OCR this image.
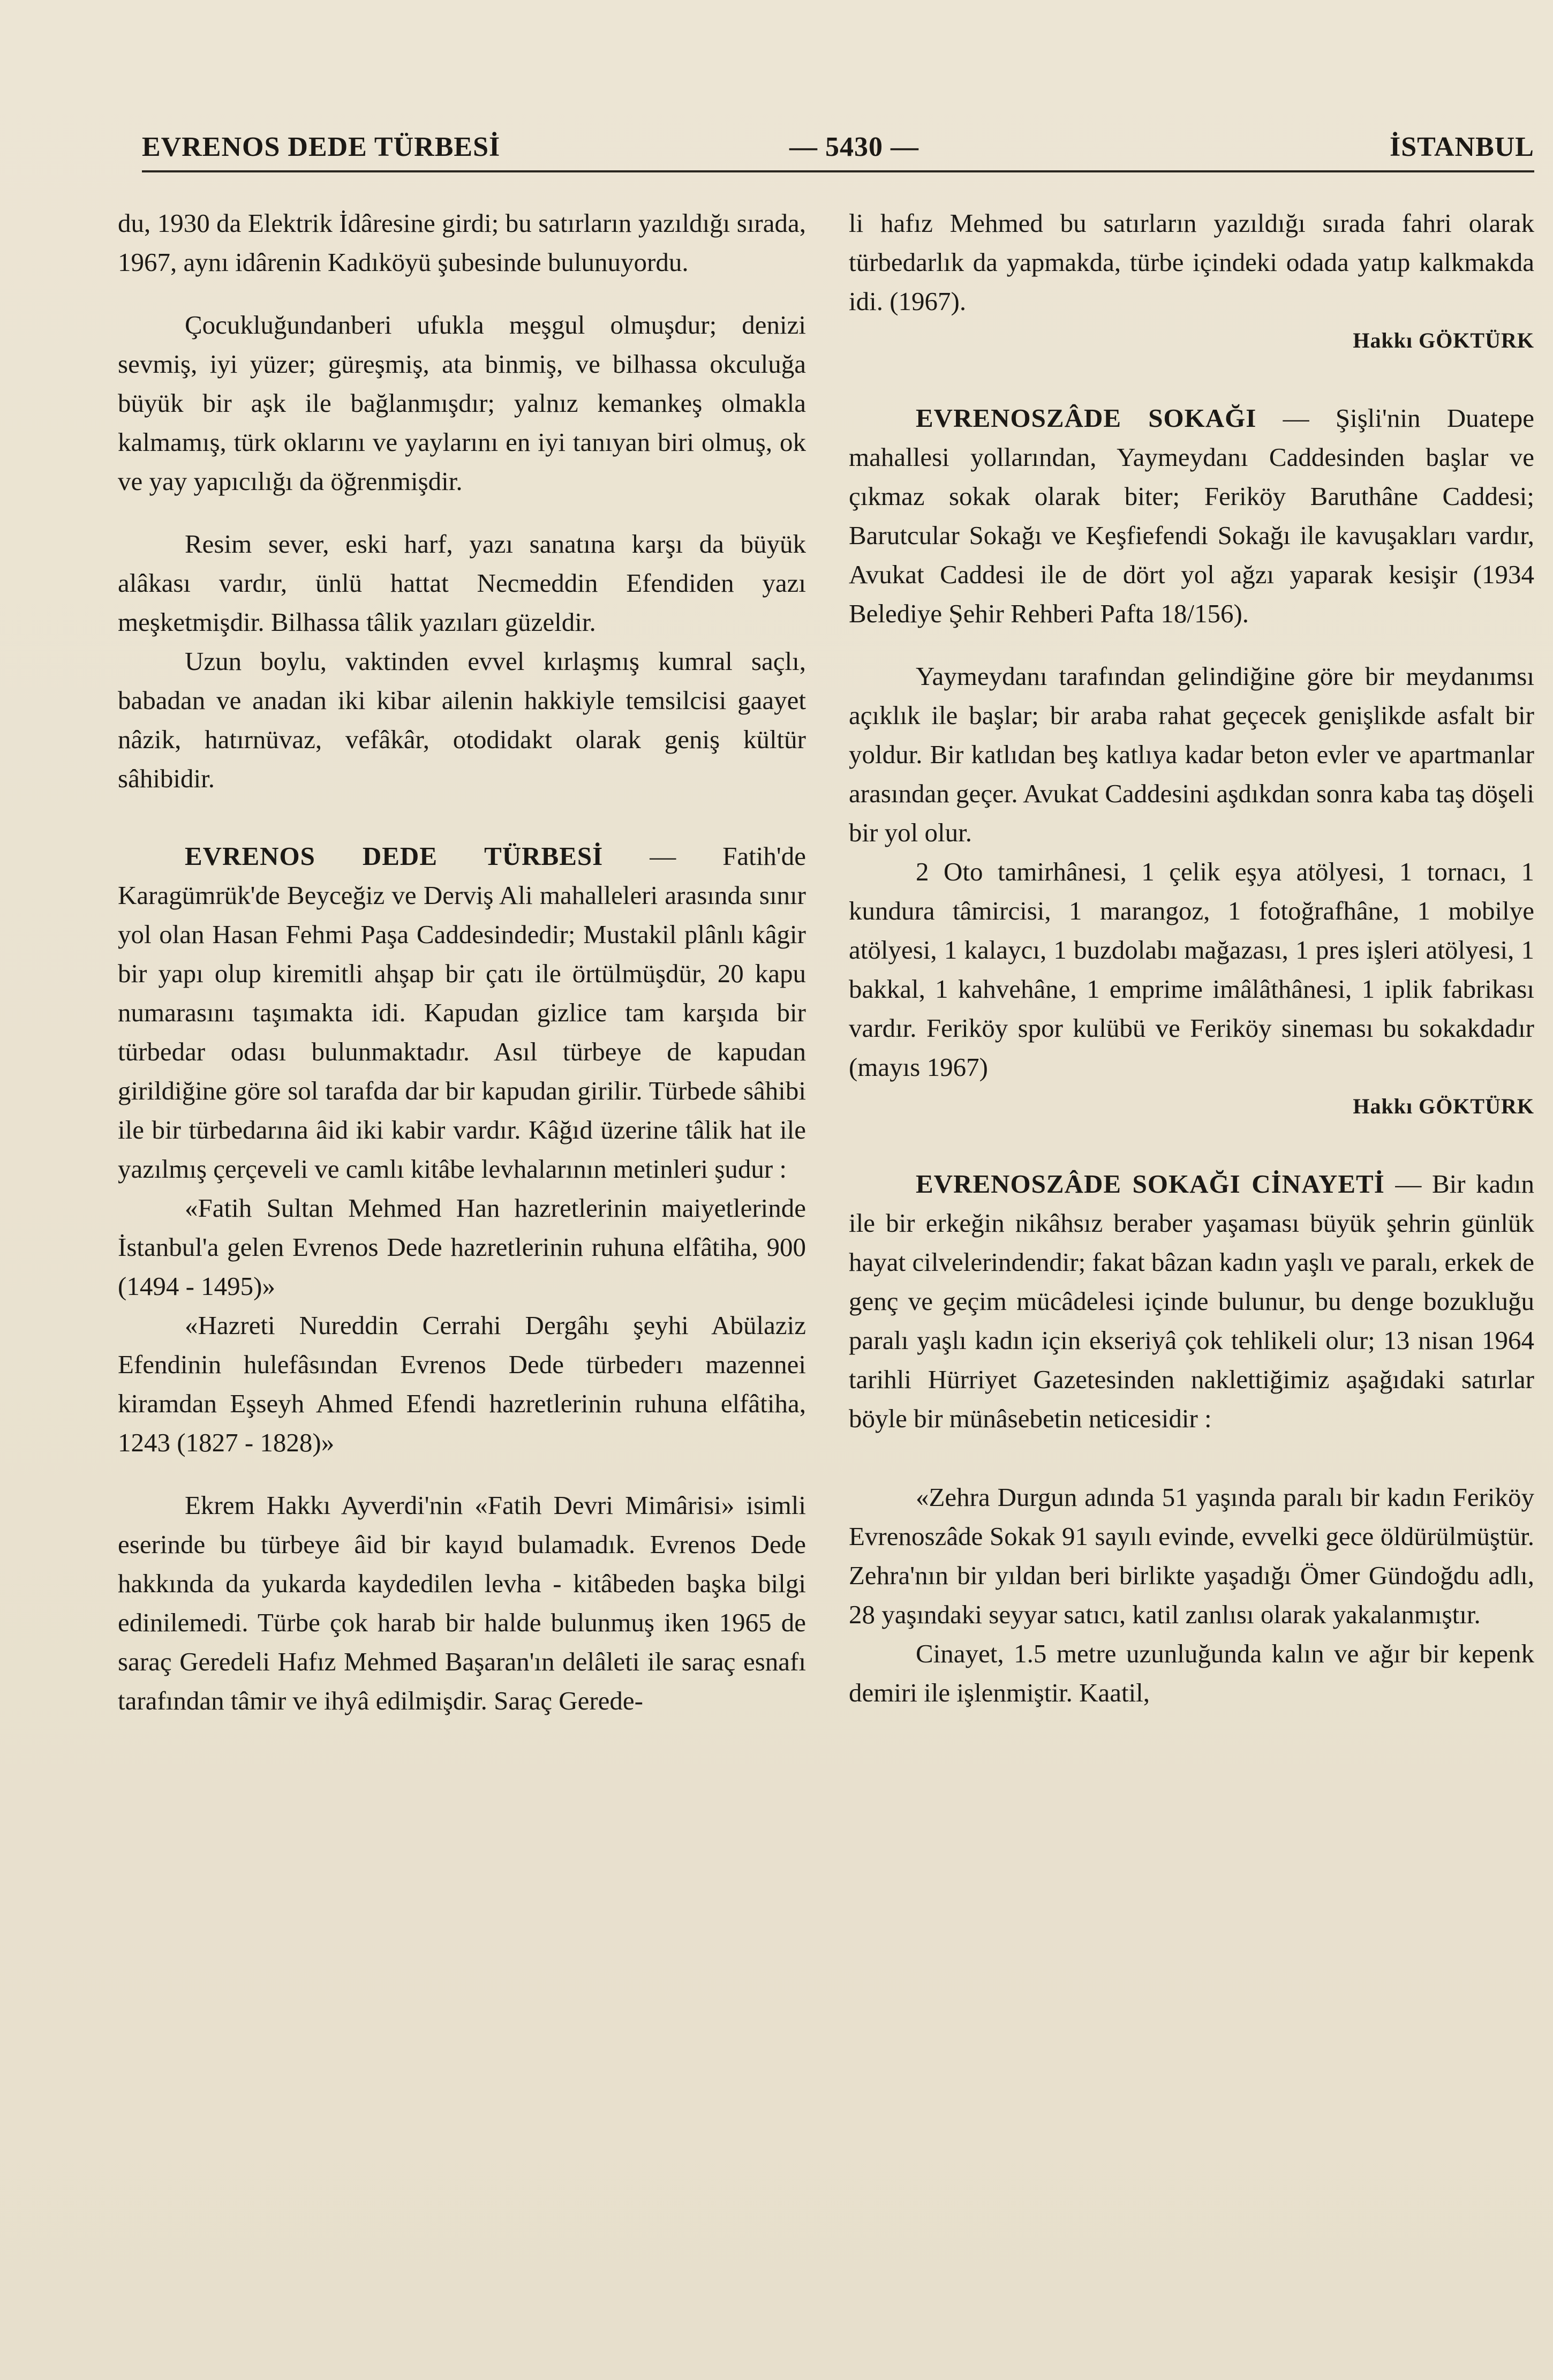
EVRENOS DEDE TÜRBESİ	— 5430 —	İSTANBUL

du, 1930 da Elektrik İdâresine girdi; bu satırların yazıldığı sırada, 1967, aynı idârenin Kadıköyü şubesinde bulunuyordu.

Çocukluğundanberi ufukla meşgul olmuşdur; denizi sevmiş, iyi yüzer; güreşmiş, ata binmiş, ve bilhassa okculuğa büyük bir aşk ile bağlanmışdır; yalnız kemankeş olmakla kalmamış, türk oklarını ve yaylarını en iyi tanıyan biri olmuş, ok ve yay yapıcılığı da öğrenmişdir.

Resim sever, eski harf, yazı sanatına karşı da büyük alâkası vardır, ünlü hattat Necmeddin Efendiden yazı meşketmişdir. Bilhassa tâlik yazıları güzeldir.

Uzun boylu, vaktinden evvel kırlaşmış kumral saçlı, babadan ve anadan iki kibar ailenin hakkiyle temsilcisi gaayet nâzik, hatırnüvaz, vefâkâr, otodidakt olarak geniş kültür sâhibidir.

EVRENOS DEDE TÜRBESİ — Fatih'de Karagümrük'de Beyceğiz ve Derviş Ali mahalleleri arasında sınır yol olan Hasan Fehmi Paşa Caddesindedir; Mustakil plânlı kâgir bir yapı olup kiremitli ahşap bir çatı ile örtülmüşdür, 20 kapu numarasını taşımakta idi. Kapudan gizlice tam karşıda bir türbedar odası bulunmaktadır. Asıl türbeye de kapudan girildiğine göre sol tarafda dar bir kapudan girilir. Türbede sâhibi ile bir türbedarına âid iki kabir vardır. Kâğıd üzerine tâlik hat ile yazılmış çerçeveli ve camlı kitâbe levhalarının metinleri şudur :

«Fatih Sultan Mehmed Han hazretlerinin maiyetlerinde İstanbul'a gelen Evrenos Dede hazretlerinin ruhuna elfâtiha, 900 (1494 - 1495)»

«Hazreti Nureddin Cerrahi Dergâhı şeyhi Abülaziz Efendinin hulefâsından Evrenos Dede türbedeгı mazennei kiramdan Eşseyh Ahmed Efendi hazretlerinin ruhuna elfâtiha, 1243 (1827 - 1828)»

Ekrem Hakkı Ayverdi'nin «Fatih Devri Mimârisi» isimli eserinde bu türbeye âid bir kayıd bulamadık. Evrenos Dede hakkında da yukarda kaydedilen levha - kitâbeden başka bilgi edinilemedi. Türbe çok harab bir halde bulunmuş iken 1965 de saraç Geredeli Hafız Mehmed Başaran'ın delâleti ile saraç esnafı tarafından tâmir ve ihyâ edilmişdir. Saraç Gerede-

li hafız Mehmed bu satırların yazıldığı sırada fahri olarak türbedarlık da yapmakda, türbe içindeki odada yatıp kalkmakda idi. (1967).

Hakkı GÖKTÜRK

EVRENOSZÂDE SOKAĞI — Şişli'nin Duatepe mahallesi yollarından, Yaymeydanı Caddesinden başlar ve çıkmaz sokak olarak biter; Feriköy Baruthâne Caddesi; Barutcular Sokağı ve Keşfiefendi Sokağı ile kavuşakları vardır, Avukat Caddesi ile de dört yol ağzı yaparak kesişir (1934 Belediye Şehir Rehberi Pafta 18/156).

Yaymeydanı tarafından gelindiğine göre bir meydanımsı açıklık ile başlar; bir araba rahat geçecek genişlikde asfalt bir yoldur. Bir katlıdan beş katlıya kadar beton evler ve apartmanlar arasından geçer. Avukat Caddesini aşdıkdan sonra kaba taş döşeli bir yol olur.

2 Oto tamirhânesi, 1 çelik eşya atölyesi, 1 tornacı, 1 kundura tâmircisi, 1 marangoz, 1 fotoğrafhâne, 1 mobilye atölyesi, 1 kalaycı, 1 buzdolabı mağazası, 1 pres işleri atölyesi, 1 bakkal, 1 kahvehâne, 1 emprime imâlâthânesi, 1 iplik fabrikası vardır. Feriköy spor kulübü ve Feriköy sineması bu sokakdadır (mayıs 1967)

Hakkı GÖKTÜRK

EVRENOSZÂDE SOKAĞI CİNAYETİ — Bir kadın ile bir erkeğin nikâhsız beraber yaşaması büyük şehrin günlük hayat cilvelerindendir; fakat bâzan kadın yaşlı ve paralı, erkek de genç ve geçim mücâdelesi içinde bulunur, bu denge bozukluğu paralı yaşlı kadın için ekseriyâ çok tehlikeli olur; 13 nisan 1964 tarihli Hürriyet Gazetesinden naklettiğimiz aşağıdaki satırlar böyle bir münâsebetin neticesidir :

«Zehra Durgun adında 51 yaşında paralı bir kadın Feriköy Evrenoszâde Sokak 91 sayılı evinde, evvelki gece öldürülmüştür. Zehra'nın bir yıldan beri birlikte yaşadığı Ömer Gündoğdu adlı, 28 yaşındaki seyyar satıcı, katil zanlısı olarak yakalanmıştır.

Cinayet, 1.5 metre uzunluğunda kalın ve ağır bir kepenk demiri ile işlenmiştir. Kaatil,
